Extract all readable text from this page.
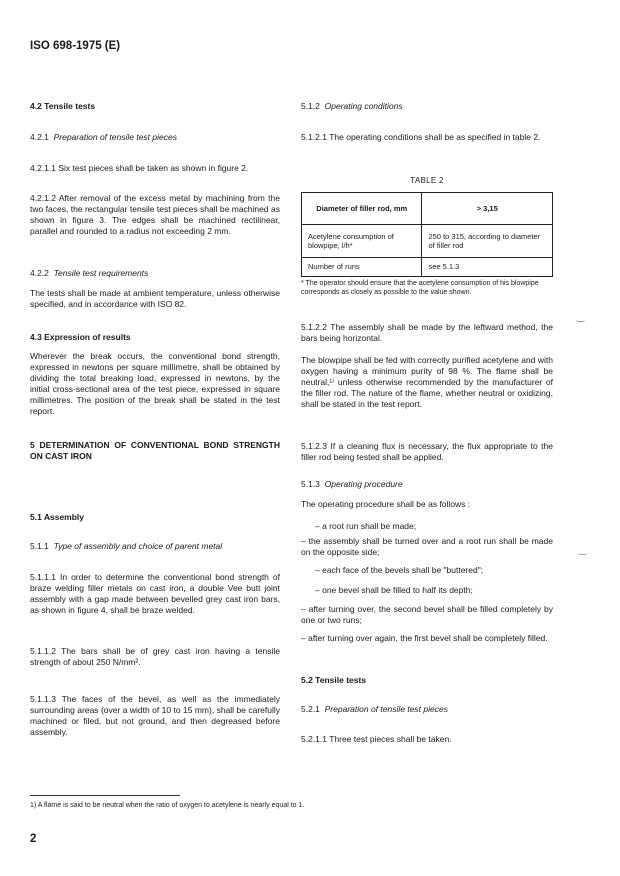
ISO 698-1975 (E)
4.2 Tensile tests
4.2.1 Preparation of tensile test pieces
4.2.1.1 Six test pieces shall be taken as shown in figure 2.
4.2.1.2 After removal of the excess metal by machining from the two faces, the rectangular tensile test pieces shall be machined as shown in figure 3. The edges shall be machined rectilinear, parallel and rounded to a radius not exceeding 2 mm.
4.2.2 Tensile test requirements
The tests shall be made at ambient temperature, unless otherwise specified, and in accordance with ISO 82.
4.3 Expression of results
Wherever the break occurs, the conventional bond strength, expressed in newtons per square millimetre, shall be obtained by dividing the total breaking load, expressed in newtons, by the initial cross-sectional area of the test piece, expressed in square millimetres. The position of the break shall be stated in the test report.
5 DETERMINATION OF CONVENTIONAL BOND STRENGTH ON CAST IRON
5.1 Assembly
5.1.1 Type of assembly and choice of parent metal
5.1.1.1 In order to determine the conventional bond strength of braze welding filler metals on cast iron, a double Vee butt joint assembly with a gap made between bevelled grey cast iron bars, as shown in figure 4, shall be braze welded.
5.1.1.2 The bars shall be of grey cast iron having a tensile strength of about 250 N/mm².
5.1.1.3 The faces of the bevel, as well as the immediately surrounding areas (over a width of 10 to 15 mm), shall be carefully machined or filed, but not ground, and then degreased before assembly.
5.1.2 Operating conditions
5.1.2.1 The operating conditions shall be as specified in table 2.
TABLE 2
Diameter of filler rod, mm	> 3,15
Acetylene consumption of blowpipe, l/h*	250 to 315, according to diameter of filler rod
Number of runs	see 5.1.3
* The operator should ensure that the acetylene consumption of his blowpipe corresponds as closely as possible to the value shown.
5.1.2.2 The assembly shall be made by the leftward method, the bars being horizontal.
The blowpipe shall be fed with correctly purified acetylene and with oxygen having a minimum purity of 98 %. The flame shall be neutral,¹⁾ unless otherwise recommended by the manufacturer of the filler rod. The nature of the flame, whether neutral or oxidizing, shall be stated in the test report.
5.1.2.3 If a cleaning flux is necessary, the flux appropriate to the filler rod being tested shall be applied.
5.1.3 Operating procedure
The operating procedure shall be as follows :
– a root run shall be made;
– the assembly shall be turned over and a root run shall be made on the opposite side;
– each face of the bevels shall be "buttered";
– one bevel shall be filled to half its depth;
– after turning over, the second bevel shall be filled completely by one or two runs;
– after turning over again, the first bevel shall be completely filled.
5.2 Tensile tests
5.2.1 Preparation of tensile test pieces
5.2.1.1 Three test pieces shall be taken.
‿
‿
1) A flame is said to be neutral when the ratio of oxygen to acetylene is nearly equal to 1.
2
